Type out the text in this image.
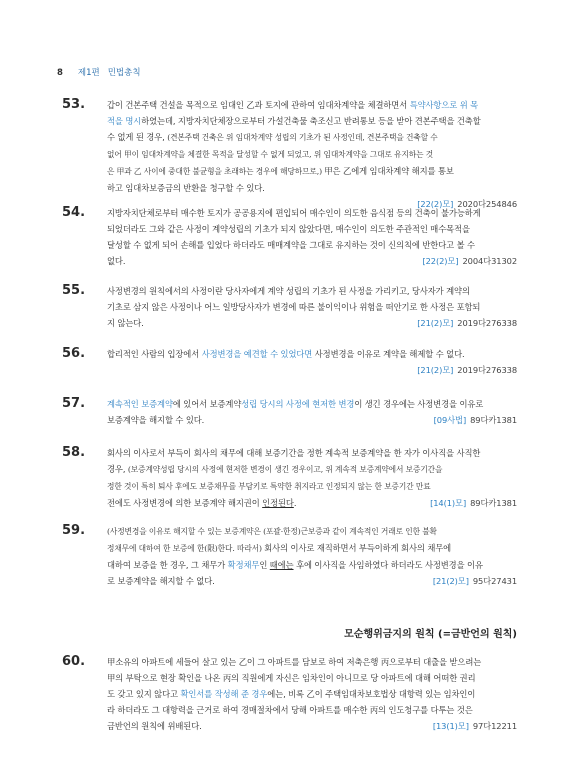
8 제1편 민법총칙
53.	갑이 건본주택 건설을 목적으로 임대인 乙과 토지에 관하여 임대차계약을 체결하면서 특약사항으로 위 목

적을 명시하였는데, 지방자치단체장으로부터 가설건축물 축조신고 반려통보 등을 받아 견본주택을 건축할

수 없게 된 경우, (견본주택 건축은 위 임대차계약 성립의 기초가 된 사정인데, 견본주택을 건축할 수

없어 甲이 임대차계약을 체결한 목적을 달성할 수 없게 되었고, 위 임대차계약을 그대로 유지하는 것

은 甲과 乙 사이에 중대한 불균형을 초래하는 경우에 해당하므로,) 甲은 乙에게 임대차계약 해지를 통보

하고 임대차보증금의 반환을 청구할 수 있다.

[22(2)모] 2020다254846

54.	지방자치단체로부터 매수한 토지가 공공용지에 편입되어 매수인이 의도한 음식점 등의 건축이 불가능하게

되었더라도 그와 같은 사정이 계약성립의 기초가 되지 않았다면, 매수인이 의도한 주관적인 매수목적을

달성할 수 없게 되어 손해를 입었다 하더라도 매매계약을 그대로 유지하는 것이 신의칙에 반한다고 볼 수

없다.	[22(2)모] 2004다31302

55.	사정변경의 원칙에서의 사정이란 당사자에게 계약 성립의 기초가 된 사정을 가리키고, 당사자가 계약의

기초로 삼지 않은 사정이나 어느 일방당사자가 변경에 따른 불이익이나 위험을 떠안기로 한 사정은 포함되

지 않는다.	[21(2)모] 2019다276338

56.	합리적인 사람의 입장에서 사정변경을 예견할 수 있었다면 사정변경을 이유로 계약을 해제할 수 없다.

[21(2)모] 2019다276338

57.	계속적인 보증계약에 있어서 보증계약성립 당시의 사정에 현저한 변경이 생긴 경우에는 사정변경을 이유로

보증계약을 해지할 수 있다.	[09사법] 89다카1381

58.	회사의 이사로서 부득이 회사의 채무에 대해 보증기간을 정한 계속적 보증계약을 한 자가 이사직을 사직한

경우, (보증계약성립 당시의 사정에 현저한 변경이 생긴 경우이고, 위 계속적 보증계약에서 보증기간을

정한 것이 특히 퇴사 후에도 보증채무를 부담키로 특약한 취지라고 인정되지 않는 한 보증기간 만료

전에도 사정변경에 의한 보증계약 해지권이 인정된다.	[14(1)모] 89다카1381

59.	(사정변경을 이유로 해지할 수 있는 보증계약은 (포괄·한정)근보증과 같이 계속적인 거래로 인한 불확

정채무에 대하여 한 보증에 한(限)한다. 따라서) 회사의 이사로 재직하면서 부득이하게 회사의 채무에

대하여 보증을 한 경우, 그 채무가 확정채무인 때에는 후에 이사직을 사임하였다 하더라도 사정변경을 이유

로 보증계약을 해지할 수 없다.	[21(2)모] 95다27431

모순행위금지의 원칙 (=금반언의 원칙)
60.	甲소유의 아파트에 세들어 살고 있는 乙이 그 아파트를 담보로 하여 저축은행 丙으로부터 대출을 받으려는

甲의 부탁으로 현장 확인을 나온 丙의 직원에게 자신은 임차인이 아니므로 당 아파트에 대해 어떠한 권리

도 갖고 있지 않다고 확인서를 작성해 준 경우에는, 비록 乙이 주택임대차보호법상 대항력 있는 임차인이

라 하더라도 그 대항력을 근거로 하여 경매절차에서 당해 아파트를 매수한 丙의 인도청구를 다투는 것은

금반언의 원칙에 위배된다.	[13(1)모] 97다12211
